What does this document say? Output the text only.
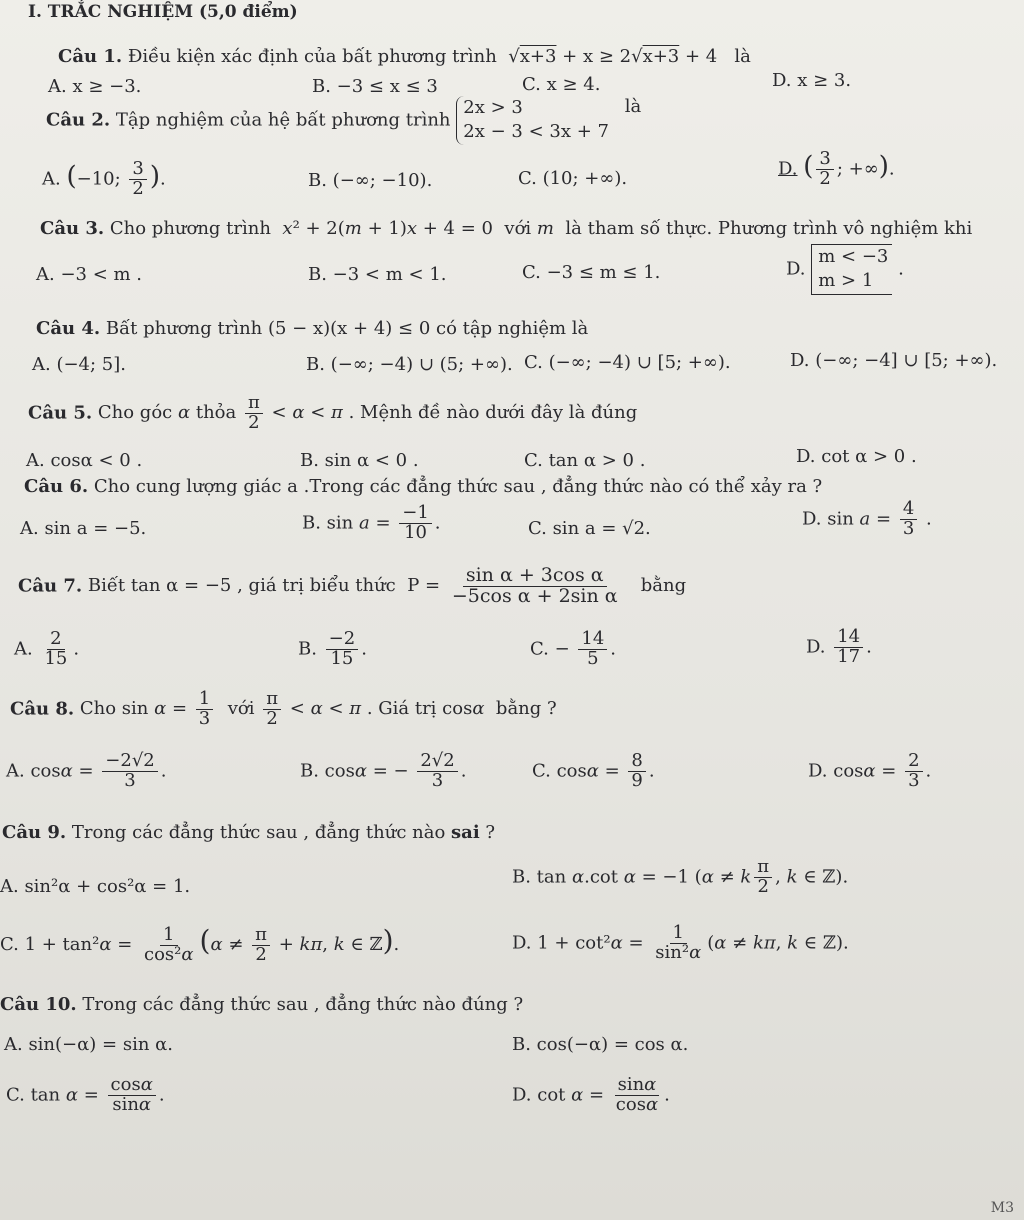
I. TRẮC NGHIỆM (5,0 điểm)
Câu 1. Điều kiện xác định của bất phương trình  √x+3 + x ≥ 2√x+3 + 4   là
A. x ≥ −3.	B. −3 ≤ x ≤ 3	C. x ≥ 4.	D. x ≥ 3.
Câu 2. Tập nghiệm của hệ bất phương trình 2x > 3
2x − 3 < 3x + 7 là
A. (−10; $\frac{3}{2}$ ).	B. (−∞; −10).	C. (10; +∞).	D. ( $\frac{3}{2}$ ; +∞).
Câu 3. Cho phương trình  x² + 2(m + 1)x + 4 = 0  với m  là tham số thực. Phương trình vô nghiệm khi
A. −3 < m .	B. −3 < m < 1.	C. −3 ≤ m ≤ 1.	D. m < −3
m > 1 .
Câu 4. Bất phương trình (5 − x)(x + 4) ≤ 0 có tập nghiệm là
A. (−4; 5].	B. (−∞; −4) ∪ (5; +∞). C. (−∞; −4) ∪ [5; +∞).	D. (−∞; −4] ∪ [5; +∞).
Câu 5. Cho góc α thỏa $\frac{\pi}{2} < \alpha < \pi$ . Mệnh đề nào dưới đây là đúng
A. cosα < 0 .	B. sin α < 0 .	C. tan α > 0 .	D. cot α > 0 .
Câu 6. Cho cung lượng giác a .Trong các đẳng thức sau , đẳng thức nào có thể xảy ra ?
A. sin a = −5.	B. $\sin a = \frac{-1}{10}$ .	C. sin a = √2.	D. $\sin a = \frac{4}{3}$ .
Câu 7. Biết tan α = −5 , giá trị biểu thức  $P = \frac{\text{sin α + 3cos α}}{\text{−5cos α + 2sin α}}$ bằng
A. $\frac{2}{15}$ .	B. $\frac{-2}{15}$ .	C. − $\frac{14}{5}$ .	D. $\frac{14}{17}$ .
Câu 8. Cho $\sin \alpha = \frac{1}{3}$ với $\frac{\pi}{2} < \alpha < \pi$ . Giá trị cosα  bằng ?
A. $\cos\alpha = \frac{-2√2}{3}$ .	B. cosα = − $\frac{2√2}{3}$ .	C. $\cos\alpha = \frac{8}{9}$ .	D. $\cos\alpha = \frac{2}{3}$ .
Câu 9. Trong các đẳng thức sau , đẳng thức nào sai ?
A. sin²α + cos²α = 1.	B. tan α.cot α = −1 (α ≠ k $\frac{\pi}{2}$ , k ∈ ℤ).
C. $1 + \tan^2\alpha = \frac{1}{\text{cos²α}} (\alpha \ne \frac{\pi}{2} + k\pi$, k ∈ ℤ).	D. $1 + \cot^2\alpha = \frac{1}{\text{sin²α}} (\alpha \ne k\pi$, k ∈ ℤ).
Câu 10. Trong các đẳng thức sau , đẳng thức nào đúng ?
A. sin(−α) = sin α.	B. cos(−α) = cos α.
C. $\tan \alpha = \frac{\cos\alpha}{\sin\alpha}$ .	D. $\cot \alpha = \frac{\sin\alpha}{\cos\alpha}$ .
M3
